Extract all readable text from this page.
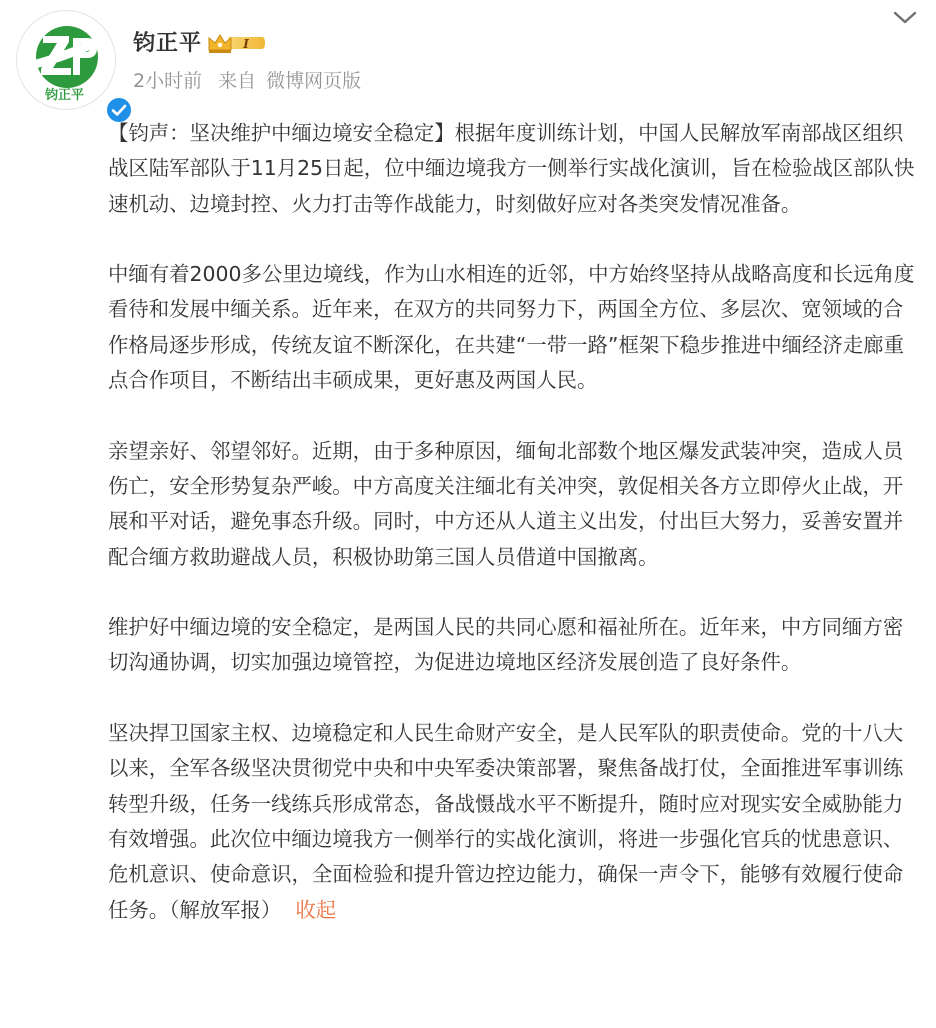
钧正平
钧正平	I
2小时前 来自 微博网页版

【钧声：坚决维护中缅边境安全稳定】根据年度训练计划，中国人民解放军南部战区组织战区陆军部队于11月25日起，位中缅边境我方一侧举行实战化演训，旨在检验战区部队快速机动、边境封控、火力打击等作战能力，时刻做好应对各类突发情况准备。

中缅有着2000多公里边境线，作为山水相连的近邻，中方始终坚持从战略高度和长远角度看待和发展中缅关系。近年来，在双方的共同努力下，两国全方位、多层次、宽领域的合作格局逐步形成，传统友谊不断深化，在共建“一带一路”框架下稳步推进中缅经济走廊重点合作项目，不断结出丰硕成果，更好惠及两国人民。

亲望亲好、邻望邻好。近期，由于多种原因，缅甸北部数个地区爆发武装冲突，造成人员伤亡，安全形势复杂严峻。中方高度关注缅北有关冲突，敦促相关各方立即停火止战，开展和平对话，避免事态升级。同时，中方还从人道主义出发，付出巨大努力，妥善安置并配合缅方救助避战人员，积极协助第三国人员借道中国撤离。

维护好中缅边境的安全稳定，是两国人民的共同心愿和福祉所在。近年来，中方同缅方密切沟通协调，切实加强边境管控，为促进边境地区经济发展创造了良好条件。

坚决捍卫国家主权、边境稳定和人民生命财产安全，是人民军队的职责使命。党的十八大以来，全军各级坚决贯彻党中央和中央军委决策部署，聚焦备战打仗，全面推进军事训练转型升级，任务一线练兵形成常态，备战慑战水平不断提升，随时应对现实安全威胁能力有效增强。此次位中缅边境我方一侧举行的实战化演训，将进一步强化官兵的忧患意识、危机意识、使命意识，全面检验和提升管边控边能力，确保一声令下，能够有效履行使命任务。（解放军报） 收起
